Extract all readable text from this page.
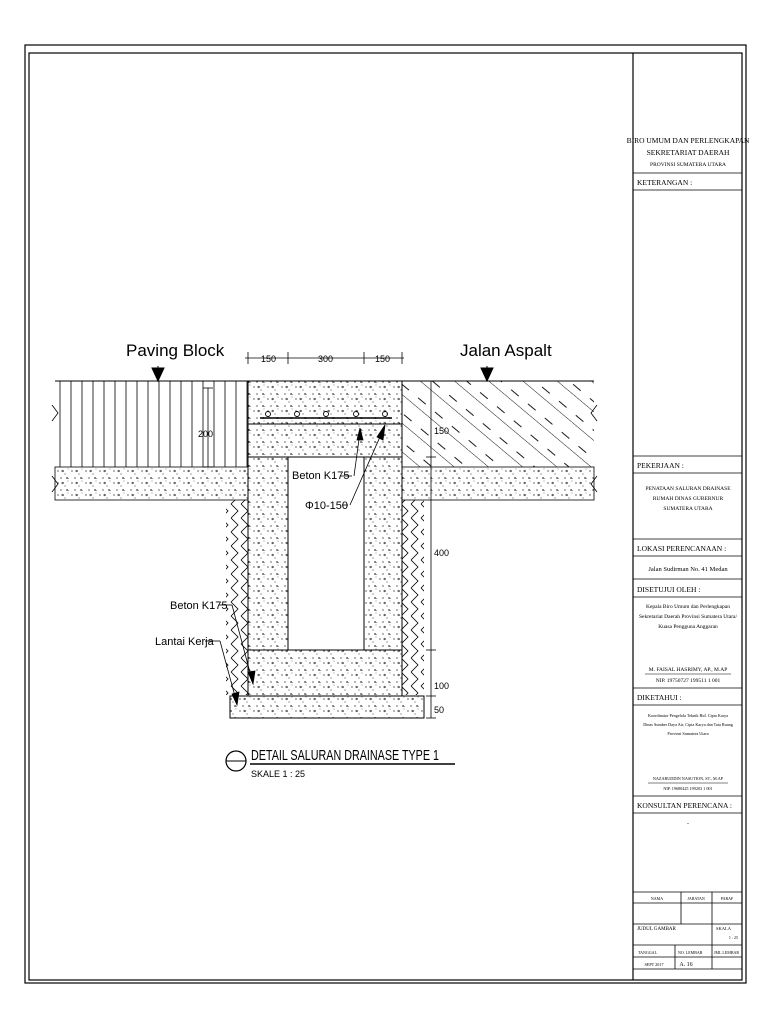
Paving Block	Jalan Aspalt
150	300	150
200	150
400
100
50
Beton K175
Φ10-150
Beton K175
Lantai Kerja
DETAIL SALURAN DRAINASE TYPE 1
SKALE 1 : 25
BIRO UMUM DAN PERLENGKAPAN
SEKRETARIAT DAERAH
PROVINSI SUMATERA UTARA
KETERANGAN :
PEKERJAAN :
PENATAAN SALURAN DRAINASE
RUMAH DINAS GUBERNUR
SUMATERA UTARA
LOKASI PERENCANAAN :
Jalan Sudirman No. 41 Medan
DISETUJUI OLEH :
Kepala Biro Umum dan Perlengkapan
Sekretariat Daerah Provinsi Sumatera Utara/
Kuasa Pengguna Anggaran
M. FAISAL HASRIMY, AP., M.AP
NIP. 19750727 199511 1 001
DIKETAHUI :
Koordinator Pengelola Teknik Bid. Cipta Karya
Dinas Sumber Daya Air, Cipta Karya dan Tata Ruang
Provinsi Sumatera Utara
NAZARUDDIN NASUTION, ST., M.AP
NIP. 19680425 199203 1 001
KONSULTAN PERENCANA :
-
NAMA	JABATAN	PARAF
JUDUL GAMBAR	SKALA
1 : 25
TANGGAL	NO. LEMBAR	JML LEMBAR
SEPT 2017	A. 16
